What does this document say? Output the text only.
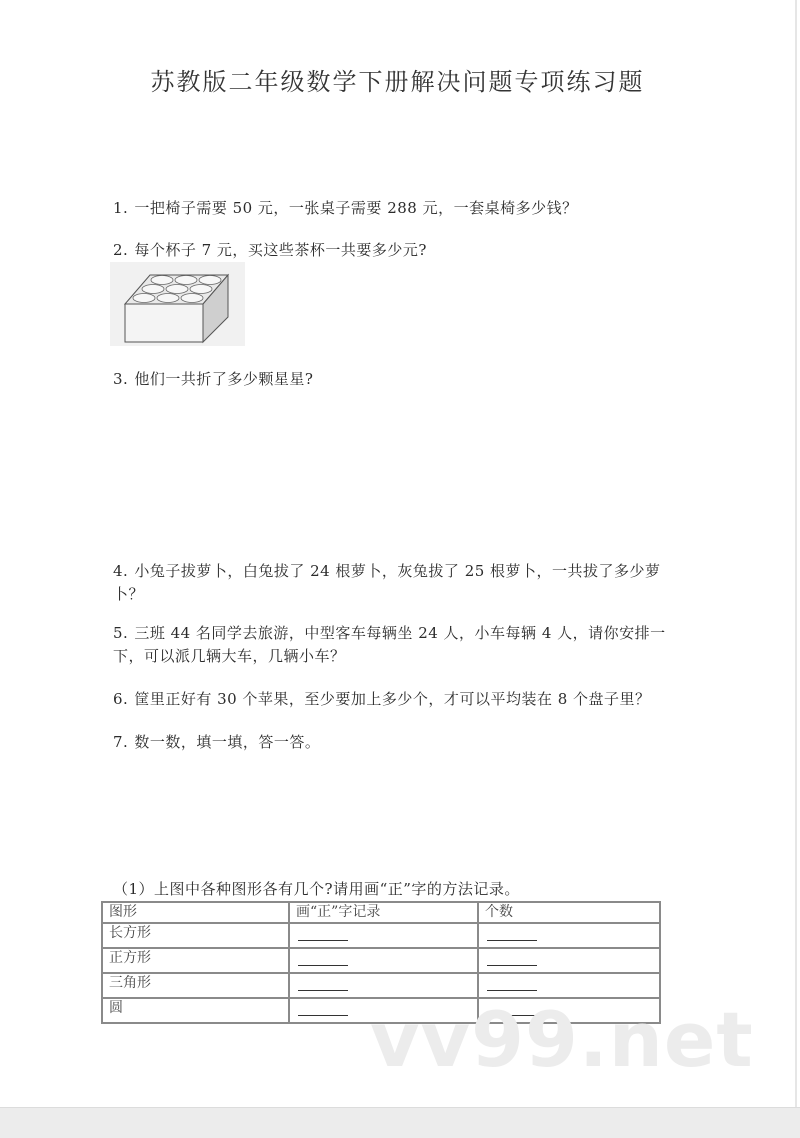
苏教版二年级数学下册解决问题专项练习题
1. 一把椅子需要 50 元，一张桌子需要 288 元，一套桌椅多少钱？
2. 每个杯子 7 元，买这些茶杯一共要多少元?
3. 他们一共折了多少颗星星?
4. 小兔子拔萝卜，白兔拔了 24 根萝卜，灰兔拔了 25 根萝卜，一共拔了多少萝卜？
5. 三班 44 名同学去旅游，中型客车每辆坐 24 人，小车每辆 4 人，请你安排一下，可以派几辆大车，几辆小车？
6. 筐里正好有 30 个苹果，至少要加上多少个，才可以平均装在 8 个盘子里？
7. 数一数，填一填，答一答。
（1）上图中各种图形各有几个?请用画“正”字的方法记录。
图形	画“正”字记录	个数
长方形		
正方形		
三角形		
圆			vv99.net
